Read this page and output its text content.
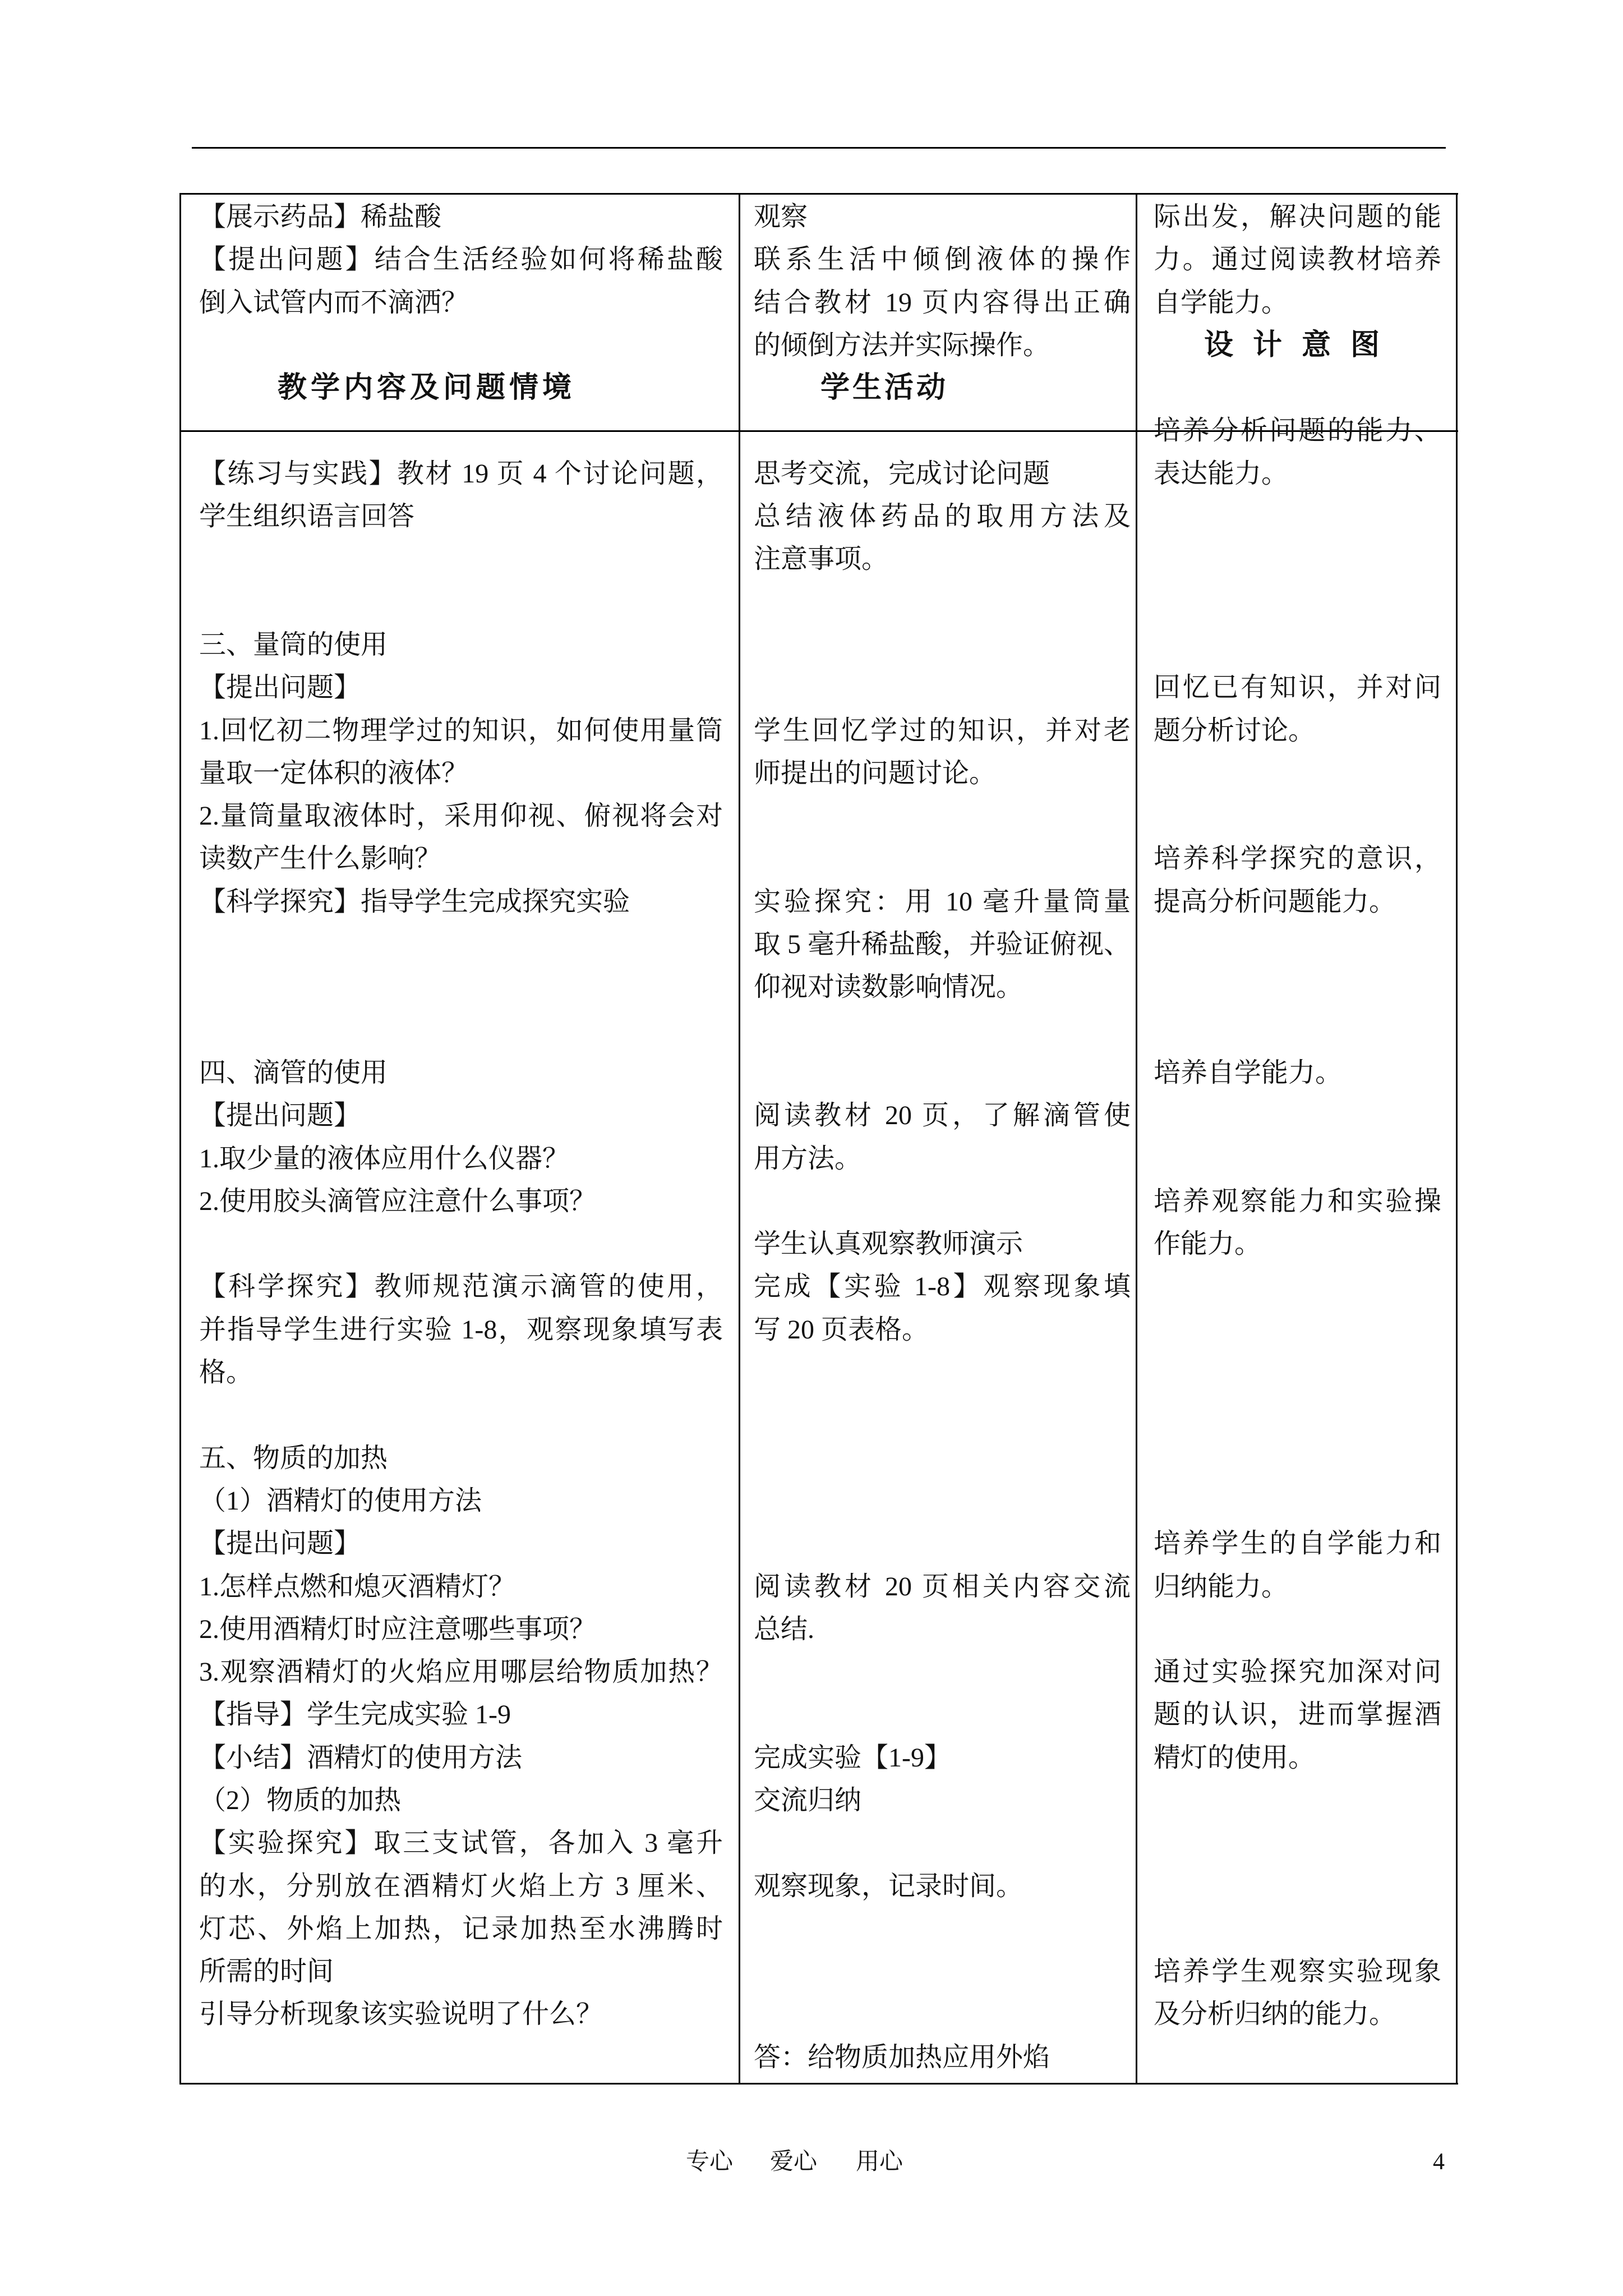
【展示药品】稀盐酸
【提出问题】结合生活经验如何将稀盐酸
倒入试管内而不滴洒？
教学内容及问题情境
【练习与实践】教材 19 页 4 个讨论问题，
学生组织语言回答
三、量筒的使用
【提出问题】
1.回忆初二物理学过的知识，如何使用量筒
量取一定体积的液体？
2.量筒量取液体时，采用仰视、俯视将会对
读数产生什么影响？
【科学探究】指导学生完成探究实验
四、滴管的使用
【提出问题】
1.取少量的液体应用什么仪器？
2.使用胶头滴管应注意什么事项？
【科学探究】教师规范演示滴管的使用，
并指导学生进行实验 1-8，观察现象填写表
格。
五、物质的加热
（1）酒精灯的使用方法
【提出问题】
1.怎样点燃和熄灭酒精灯？
2.使用酒精灯时应注意哪些事项？
3.观察酒精灯的火焰应用哪层给物质加热？
【指导】学生完成实验 1-9
【小结】酒精灯的使用方法
（2）物质的加热
【实验探究】取三支试管，各加入 3 毫升
的水，分别放在酒精灯火焰上方 3 厘米、
灯芯、外焰上加热，记录加热至水沸腾时
所需的时间
引导分析现象该实验说明了什么？
观察
联系生活中倾倒液体的操作
结合教材 19 页内容得出正确
的倾倒方法并实际操作。
学生活动
思考交流，完成讨论问题
总结液体药品的取用方法及
注意事项。
学生回忆学过的知识，并对老
师提出的问题讨论。
实验探究：用 10 毫升量筒量
取 5 毫升稀盐酸，并验证俯视、
仰视对读数影响情况。
阅读教材 20 页，了解滴管使
用方法。
学生认真观察教师演示
完成【实验 1-8】观察现象填
写 20 页表格。
阅读教材 20 页相关内容交流
总结.
完成实验【1-9】
交流归纳
观察现象，记录时间。
答：给物质加热应用外焰
际出发，解决问题的能
力。通过阅读教材培养
自学能力。
设 计 意 图
培养分析问题的能力、
表达能力。
回忆已有知识，并对问
题分析讨论。
培养科学探究的意识，
提高分析问题能力。
培养自学能力。
培养观察能力和实验操
作能力。
培养学生的自学能力和
归纳能力。
通过实验探究加深对问
题的认识，进而掌握酒
精灯的使用。
培养学生观察实验现象
及分析归纳的能力。
专心 爱心 用心	4
